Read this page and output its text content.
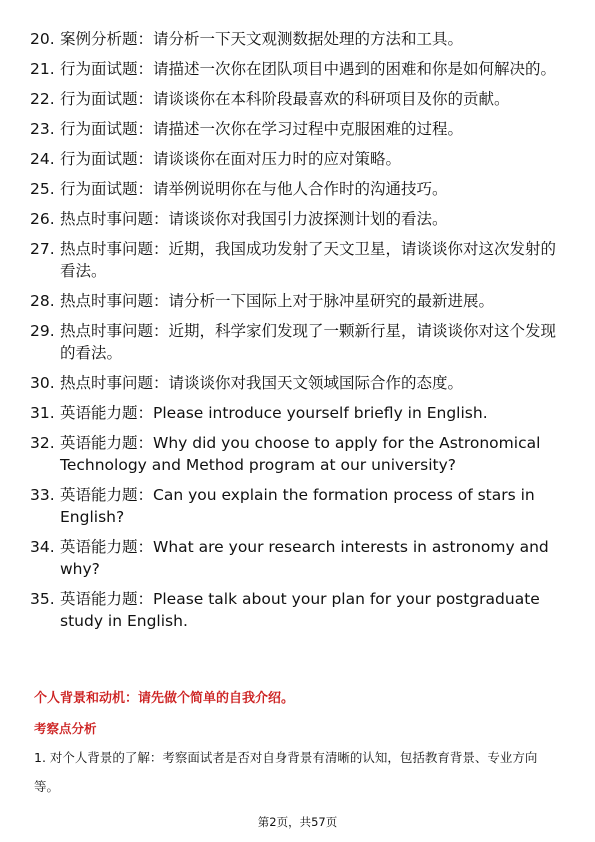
20. 案例分析题：请分析一下天文观测数据处理的方法和工具。
21. 行为面试题：请描述一次你在团队项目中遇到的困难和你是如何解决的。
22. 行为面试题：请谈谈你在本科阶段最喜欢的科研项目及你的贡献。
23. 行为面试题：请描述一次你在学习过程中克服困难的过程。
24. 行为面试题：请谈谈你在面对压力时的应对策略。
25. 行为面试题：请举例说明你在与他人合作时的沟通技巧。
26. 热点时事问题：请谈谈你对我国引力波探测计划的看法。
27. 热点时事问题：近期，我国成功发射了天文卫星，请谈谈你对这次发射的看法。
28. 热点时事问题：请分析一下国际上对于脉冲星研究的最新进展。
29. 热点时事问题：近期，科学家们发现了一颗新行星，请谈谈你对这个发现的看法。
30. 热点时事问题：请谈谈你对我国天文领域国际合作的态度。
31. 英语能力题：Please introduce yourself briefly in English.
32. 英语能力题：Why did you choose to apply for the Astronomical Technology and Method program at our university?
33. 英语能力题：Can you explain the formation process of stars in English?
34. 英语能力题：What are your research interests in astronomy and why?
35. 英语能力题：Please talk about your plan for your postgraduate study in English.
个人背景和动机：请先做个简单的自我介绍。
考察点分析
1. 对个人背景的了解：考察面试者是否对自身背景有清晰的认知，包括教育背景、专业方向等。
第2页，共57页
